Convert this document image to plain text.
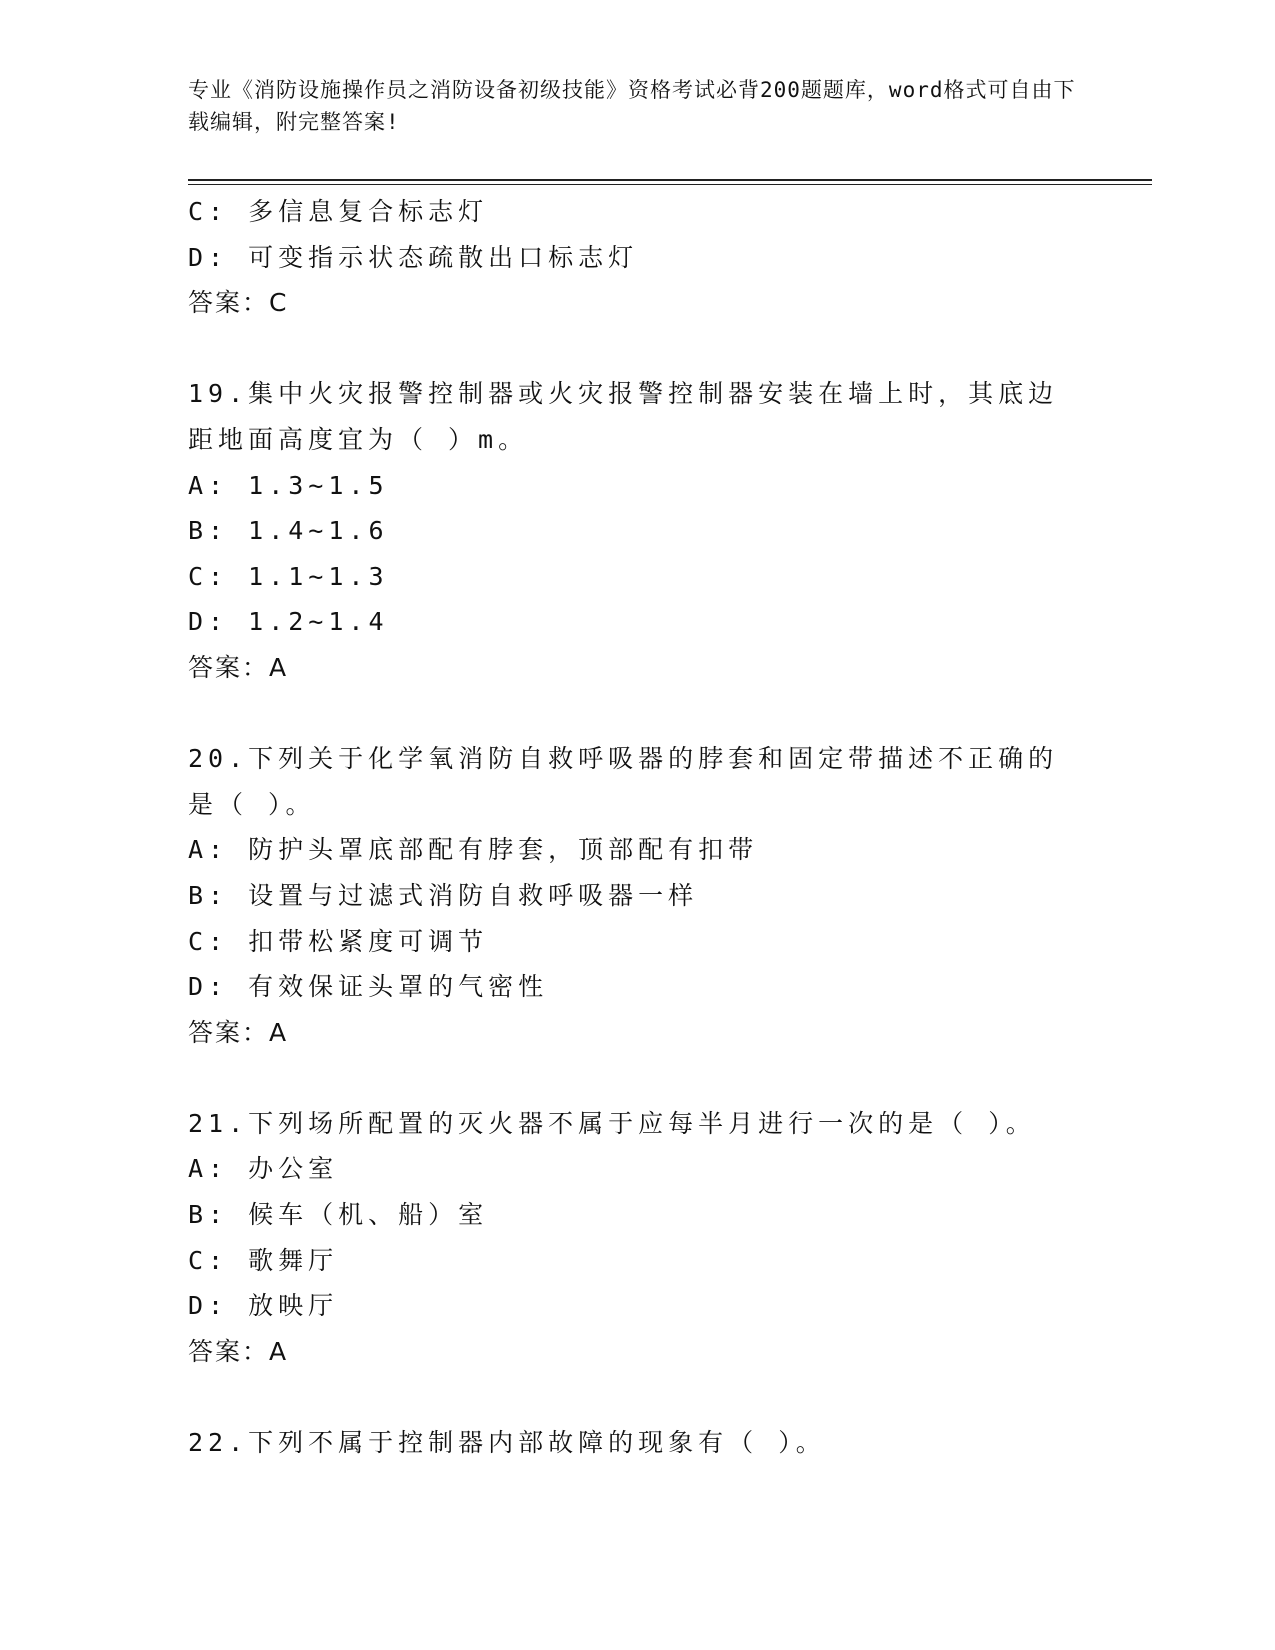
专业《消防设施操作员之消防设备初级技能》资格考试必背200题题库，word格式可自由下载编辑，附完整答案!
C: 多信息复合标志灯
D: 可变指示状态疏散出口标志灯
答案：C
19.集中火灾报警控制器或火灾报警控制器安装在墙上时，其底边距地面高度宜为（ ）m。
A: 1.3~1.5
B: 1.4~1.6
C: 1.1~1.3
D: 1.2~1.4
答案：A
20.下列关于化学氧消防自救呼吸器的脖套和固定带描述不正确的是（ ）。
A: 防护头罩底部配有脖套，顶部配有扣带
B: 设置与过滤式消防自救呼吸器一样
C: 扣带松紧度可调节
D: 有效保证头罩的气密性
答案：A
21.下列场所配置的灭火器不属于应每半月进行一次的是（ ）。
A: 办公室
B: 候车（机、船）室
C: 歌舞厅
D: 放映厅
答案：A
22.下列不属于控制器内部故障的现象有（ ）。
